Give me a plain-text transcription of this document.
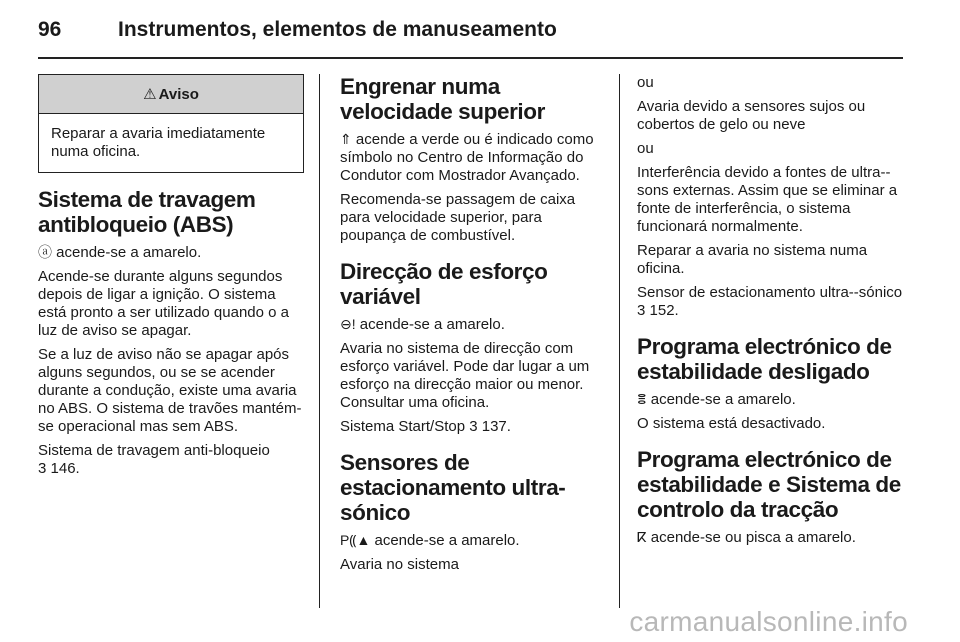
96	Instrumentos, elementos de manuseamento
⚠ Aviso
Reparar a avaria imediatamente numa oficina.
Sistema de travagem antibloqueio (ABS)

ⓐ acende-se a amarelo.

Acende-se durante alguns segundos depois de ligar a ignição. O sistema está pronto a ser utilizado quando o a luz de aviso se apagar.

Se a luz de aviso não se apagar após alguns segundos, ou se se acender durante a condução, existe uma avaria no ABS. O sistema de travões mantém-se operacional mas sem ABS.

Sistema de travagem anti-bloqueio
3 146.

Engrenar numa velocidade superior

⇑ acende a verde ou é indicado como símbolo no Centro de Informação do Condutor com Mostrador Avançado.

Recomenda-se passagem de caixa para velocidade superior, para poupança de combustível.

Direcção de esforço variável

⊖! acende-se a amarelo.

Avaria no sistema de direcção com esforço variável. Pode dar lugar a um esforço na direcção maior ou menor. Consultar uma oficina.

Sistema Start/Stop 3 137.

Sensores de estacionamento ultra-sónico

P⸨▲ acende-se a amarelo.

Avaria no sistema

ou

Avaria devido a sensores sujos ou cobertos de gelo ou neve

ou

Interferência devido a fontes de ultra--sons externas. Assim que se eliminar a fonte de interferência, o sistema funcionará normalmente.

Reparar a avaria no sistema numa oficina.

Sensor de estacionamento ultra--sónico 3 152.

Programa electrónico de estabilidade desligado

ⴻ acende-se a amarelo.

O sistema está desactivado.

Programa electrónico de estabilidade e Sistema de controlo da tracção

ⴽ acende-se ou pisca a amarelo.

carmanualsonline.info
